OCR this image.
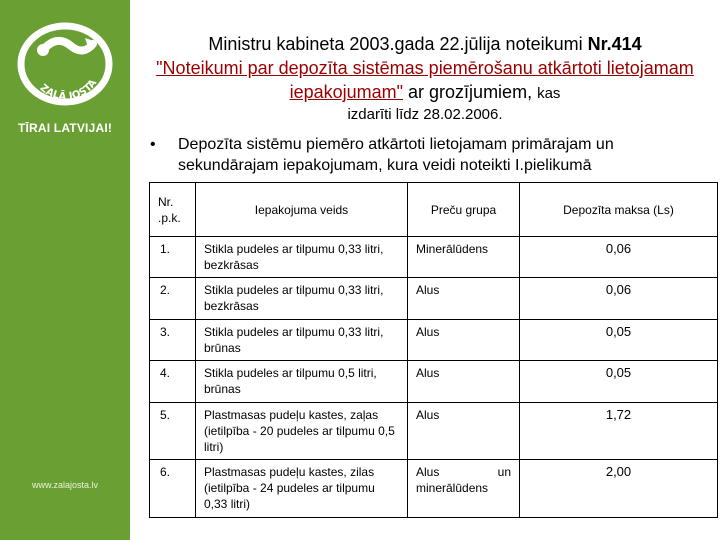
ZAĻĀ JOSTA
TĪRAI LATVIJAI!
www.zalajosta.lv
Ministru kabineta 2003.gada 22.jūlija noteikumi Nr.414
"Noteikumi par depozīta sistēmas piemērošanu atkārtoti lietojamam iepakojumam" ar grozījumiem, kas
izdarīti līdz 28.02.2006.
•	Depozīta sistēmu piemēro atkārtoti lietojamam primārajam un sekundārajam iepakojumam, kura veidi noteikti I.pielikumā
Nr. .p.k.	Iepakojuma veids	Preču grupa	Depozīta maksa (Ls)
1.	Stikla pudeles ar tilpumu 0,33 litri, bezkrāsas	Minerālūdens	0,06
2.	Stikla pudeles ar tilpumu 0,33 litri, bezkrāsas	Alus	0,06
3.	Stikla pudeles ar tilpumu 0,33 litri, brūnas	Alus	0,05
4.	Stikla pudeles ar tilpumu 0,5 litri, brūnas	Alus	0,05
5.	Plastmasas pudeļu kastes, zaļas (ietilpība - 20 pudeles ar tilpumu 0,5 litri)	Alus	1,72
6.	Plastmasas pudeļu kastes, zilas (ietilpība - 24 pudeles ar tilpumu 0,33 litri)	Alus un minerālūdens	2,00
